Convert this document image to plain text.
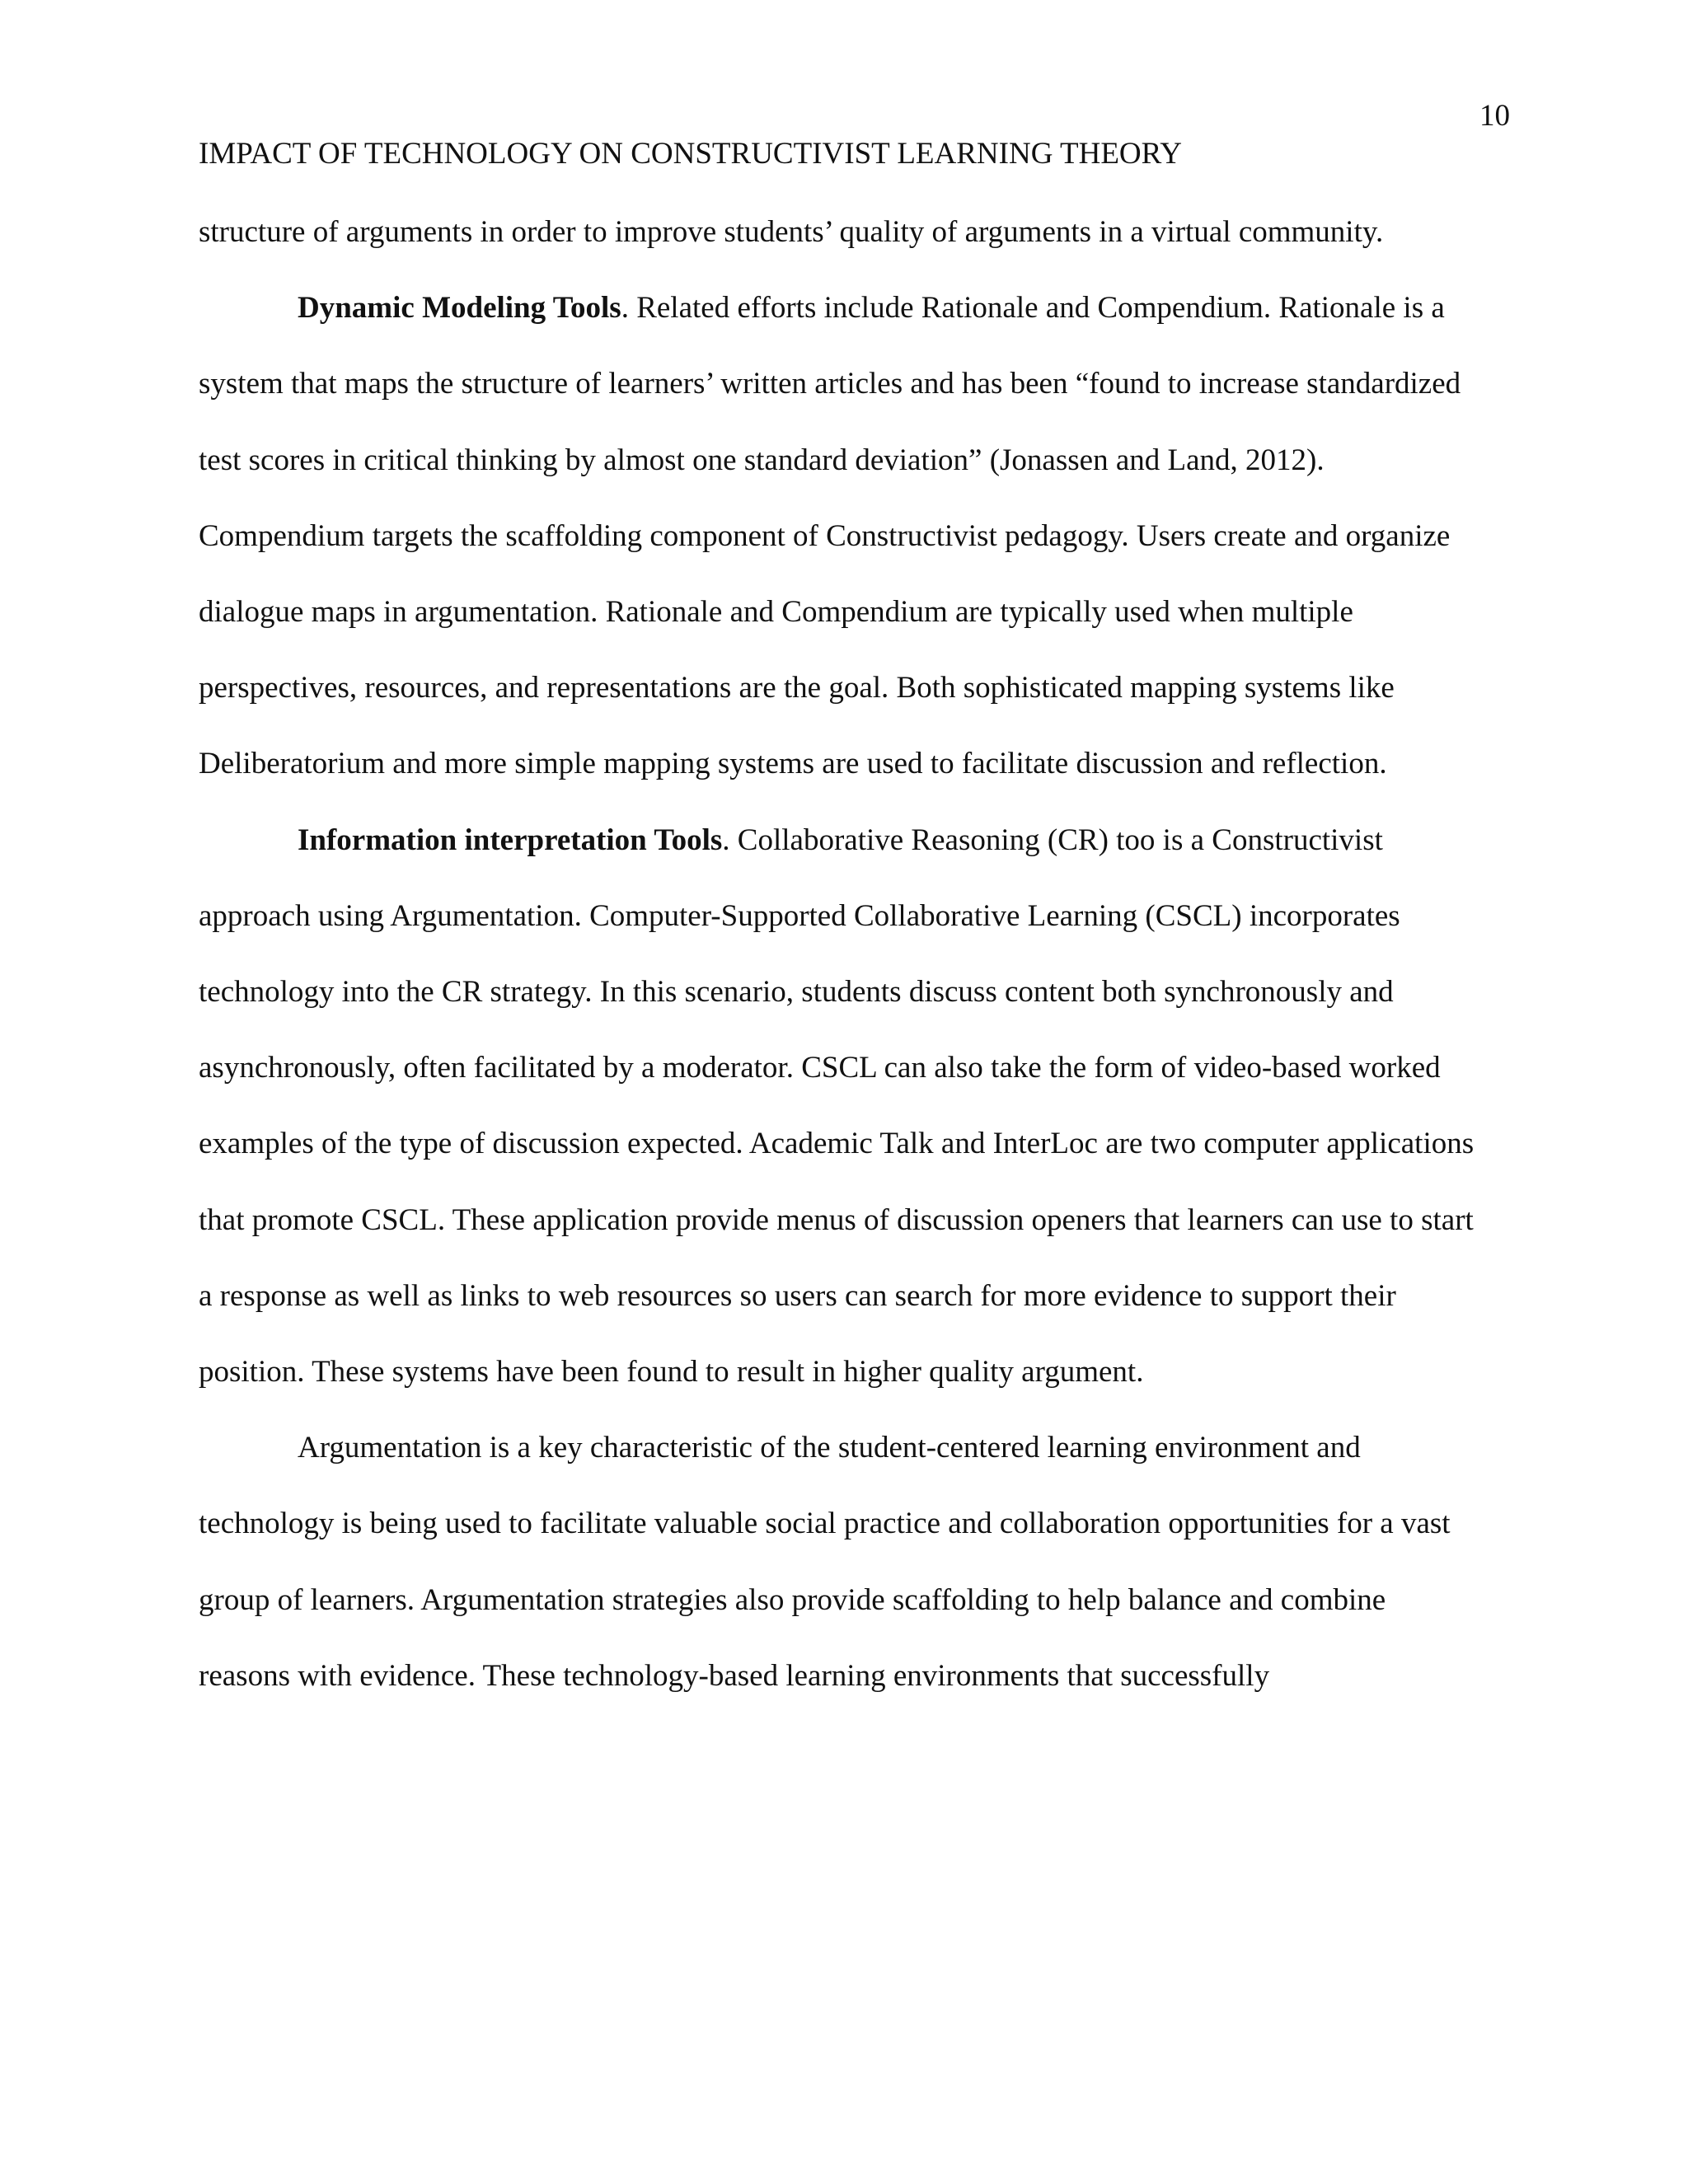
10
IMPACT OF TECHNOLOGY ON CONSTRUCTIVIST LEARNING THEORY

structure of arguments in order to improve students’ quality of arguments in a virtual community.

Dynamic Modeling Tools. Related efforts include Rationale and Compendium. Rationale is a system that maps the structure of learners’ written articles and has been “found to increase standardized test scores in critical thinking by almost one standard deviation” (Jonassen and Land, 2012). Compendium targets the scaffolding component of Constructivist pedagogy. Users create and organize dialogue maps in argumentation. Rationale and Compendium are typically used when multiple perspectives, resources, and representations are the goal. Both sophisticated mapping systems like Deliberatorium and more simple mapping systems are used to facilitate discussion and reflection.

Information interpretation Tools. Collaborative Reasoning (CR) too is a Constructivist approach using Argumentation. Computer-Supported Collaborative Learning (CSCL) incorporates technology into the CR strategy. In this scenario, students discuss content both synchronously and asynchronously, often facilitated by a moderator. CSCL can also take the form of video-based worked examples of the type of discussion expected. Academic Talk and InterLoc are two computer applications that promote CSCL. These application provide menus of discussion openers that learners can use to start a response as well as links to web resources so users can search for more evidence to support their position. These systems have been found to result in higher quality argument.

Argumentation is a key characteristic of the student-centered learning environment and technology is being used to facilitate valuable social practice and collaboration opportunities for a vast group of learners. Argumentation strategies also provide scaffolding to help balance and combine reasons with evidence. These technology-based learning environments that successfully
